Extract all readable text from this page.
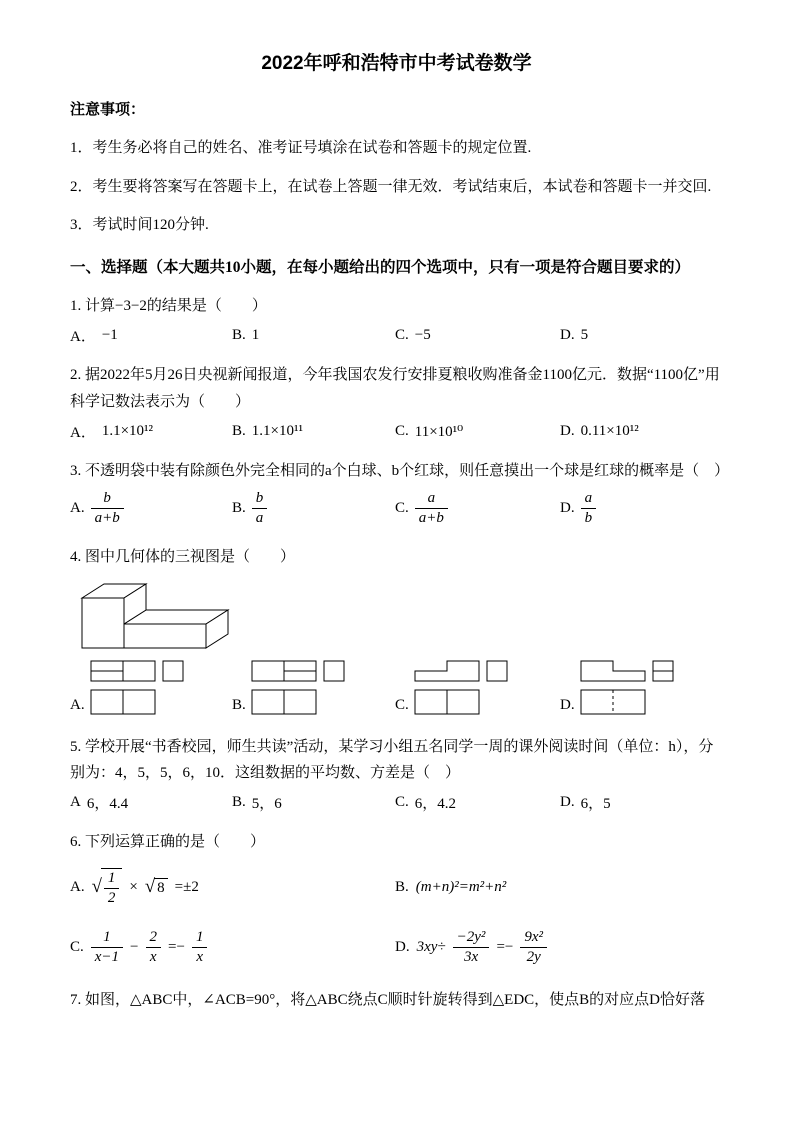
2022年呼和浩特市中考试卷数学

注意事项：

1．考生务必将自己的姓名、准考证号填涂在试卷和答题卡的规定位置.

2．考生要将答案写在答题卡上，在试卷上答题一律无效．考试结束后，本试卷和答题卡一并交回.

3．考试时间120分钟.

一、选择题（本大题共10小题，在每小题给出的四个选项中，只有一项是符合题目要求的）

1. 计算−3−2的结果是（　　）

A． −1	B. 1	C. −5	D. 5

2. 据2022年5月26日央视新闻报道，今年我国农发行安排夏粮收购准备金1100亿元．数据“1100亿”用科学记数法表示为（　　）

A． 1.1×10¹²	B. 1.1×10¹¹	C. 11×10¹⁰	D. 0.11×10¹²

3. 不透明袋中装有除颜色外完全相同的a个白球、b个红球，则任意摸出一个球是红球的概率是（　）

A. $\frac{b}{a+b}$	B. $\frac{b}{a}$	C. $\frac{a}{a+b}$	D. $\frac{a}{b}$

4. 图中几何体的三视图是（　　）

A.	B.	C.	D.

5. 学校开展“书香校园，师生共读”活动，某学习小组五名同学一周的课外阅读时间（单位：h），分别为：4，5，5，6，10．这组数据的平均数、方差是（　）

A 6，4.4	B. 5，6	C. 6，4.2	D. 6，5

6. 下列运算正确的是（　　）

A. √ $\frac{1}{2}$ × √ 8 =±2	B. (m+n)²=m²+n²
C. $\frac{1}{x-1} - \frac{2}{x} =- \frac{1}{x}$	D. $3xy\div \frac{\text{−2y²}}{3x} =- \frac{\text{9x²}}{2y}$

7. 如图，△ABC中，∠ACB=90°，将△ABC绕点C顺时针旋转得到△EDC，使点B的对应点D恰好落
